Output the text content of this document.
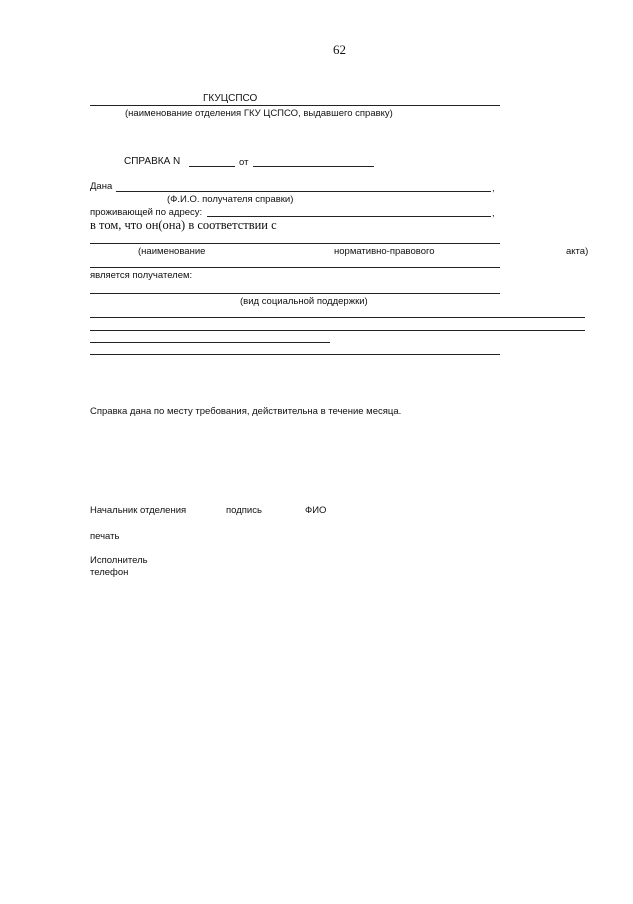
62
ГКУЦСПСО
(наименование отделения ГКУ ЦСПСО, выдавшего справку)
СПРАВКА N	от
Дана	,
(Ф.И.О. получателя справки)
проживающей по адресу:	,
в том, что он(она) в соответствии с
(наименование	нормативно-правового	акта)
является получателем:
(вид социальной поддержки)
Справка дана по месту требования, действительна в течение месяца.
Начальник отделения	подпись	ФИО
печать
Исполнитель
телефон
